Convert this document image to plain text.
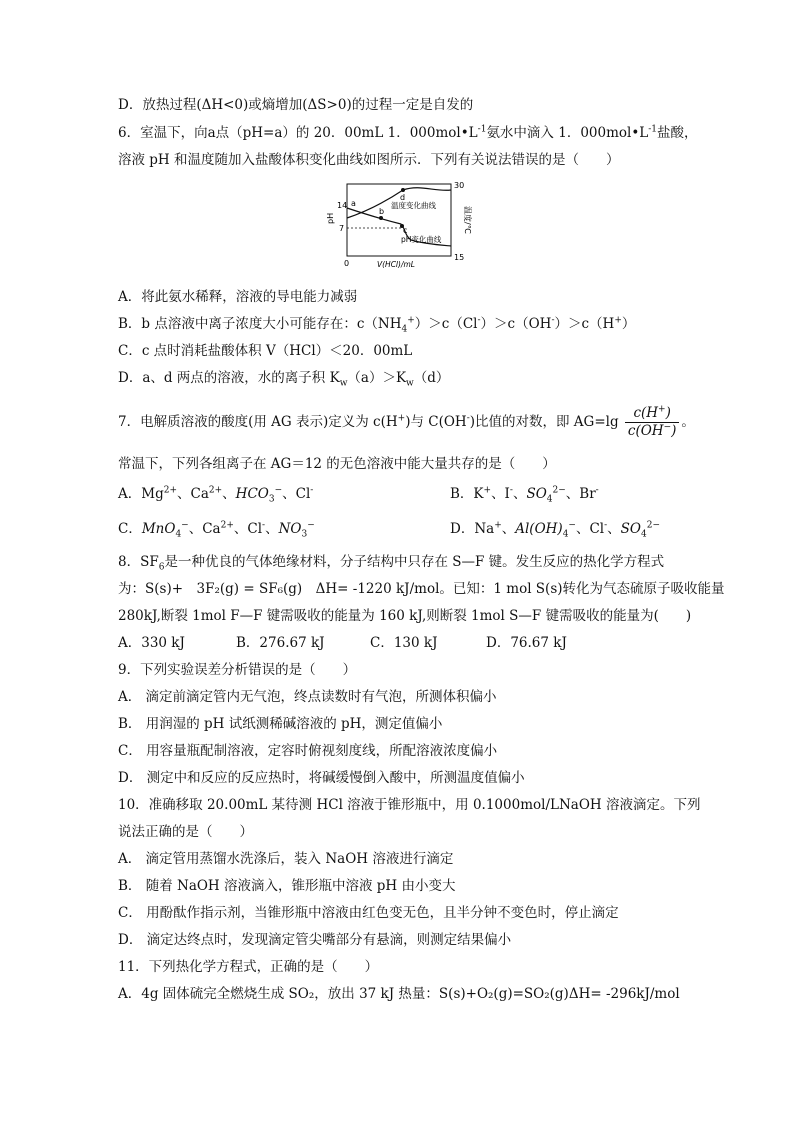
D．放热过程(ΔH<0)或熵增加(ΔS>0)的过程一定是自发的
6．室温下，向a点（pH=a）的 20．00mL 1．$000mol•L^{-1}$氨水中滴入 1．$000mol•L^{-1}$盐酸，
溶液 pH 和温度随加入盐酸体积变化曲线如图所示．下列有关说法错误的是（　　）
14
7
0
30
15
pH	温度/℃
V(HCl)/mL
a
b
c
d
温度变化曲线
pH变化曲线
A．将此氨水稀释，溶液的导电能力减弱
B．b 点溶液中离子浓度大小可能存在：$c(NH_4^+)>c(Cl^-)>c(OH^-)>c(H^+)$
C．c 点时消耗盐酸体积 V（HCl）＜20．00mL
D．a、d 两点的溶液，水的离子积 $K_w(a)>K_w(d)$
7．电解质溶液的酸度(用 AG 表示)定义为 c(H+)与 C(OH-)比值的对数，即 $AG=\lg \frac{c(H^+)}{c(OH^-)}$ 。
常温下，下列各组离子在 AG＝12 的无色溶液中能大量共存的是（　　）
A．$Mg^{2+}$、$Ca^{2+}$、$HCO_3^-$、Cl-	B．K+、I-、$SO_4^{2-}$、Br-
C．MnO$_4$−、$Ca^{2+}$、Cl-、$NO_3^-$	D．Na+、$Al(OH)_4^-$、Cl-、$SO_4^{2-}$
8．$SF_6$是一种优良的气体绝缘材料，分子结构中只存在 S—F 键。发生反应的热化学方程式
为：S(s)+　3F₂(g) = SF₆(g)　ΔH= -1220 kJ/mol。已知：1 mol S(s)转化为气态硫原子吸收能量
280kJ,断裂 1mol F—F 键需吸收的能量为 160 kJ,则断裂 1mol S—F 键需吸收的能量为(　　)
A．330 kJ	B．276.67 kJ	C．130 kJ	D．76.67 kJ
9．下列实验误差分析错误的是（　　）
A． 滴定前滴定管内无气泡，终点读数时有气泡，所测体积偏小
B． 用润湿的 pH 试纸测稀碱溶液的 pH，测定值偏小
C． 用容量瓶配制溶液，定容时俯视刻度线，所配溶液浓度偏小
D． 测定中和反应的反应热时，将碱缓慢倒入酸中，所测温度值偏小
10．准确移取 20.00mL 某待测 HCl 溶液于锥形瓶中，用 0.1000mol/LNaOH 溶液滴定。下列
说法正确的是（　　）
A． 滴定管用蒸馏水洗涤后，装入 NaOH 溶液进行滴定
B． 随着 NaOH 溶液滴入，锥形瓶中溶液 pH 由小变大
C． 用酚酞作指示剂，当锥形瓶中溶液由红色变无色，且半分钟不变色时，停止滴定
D． 滴定达终点时，发现滴定管尖嘴部分有悬滴，则测定结果偏小
11．下列热化学方程式，正确的是（　　）
A．4g 固体硫完全燃烧生成 SO₂，放出 37 kJ 热量：S(s)+O₂(g)=SO₂(g)ΔH= -296kJ/mol
